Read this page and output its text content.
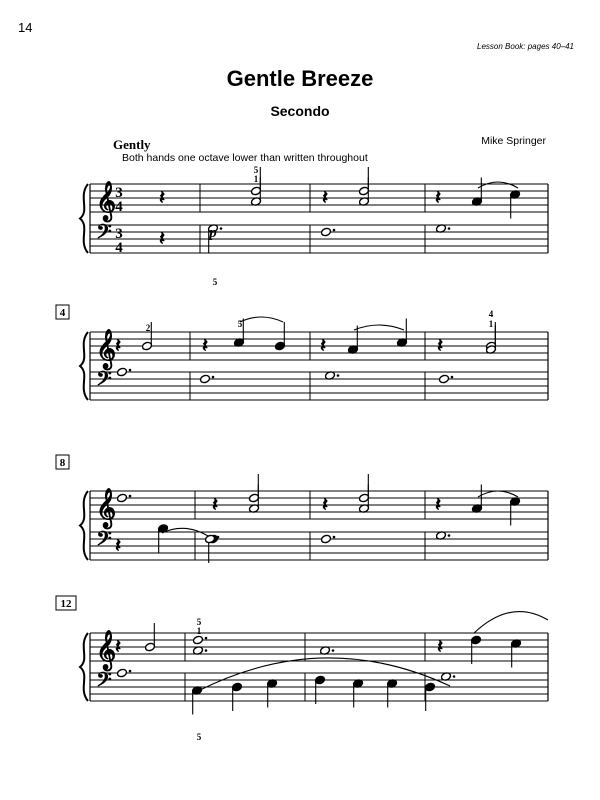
14
Lesson Book: pages 40–41
Gentle Breeze
Secondo
Mike Springer
Gently
Both hands one octave lower than written throughout
𝄞
𝄢
𝄞
𝄢
𝄞
𝄢
𝄞
𝄢
3
4
3
4
𝄽
𝄽
5
1
𝄽	𝄽
5
p
4
𝄽
2
𝄽
5
𝄽	𝄽
4
1
8
𝄽	𝄽	𝄽
𝄽
12
𝄽
5
1
𝄽
5
